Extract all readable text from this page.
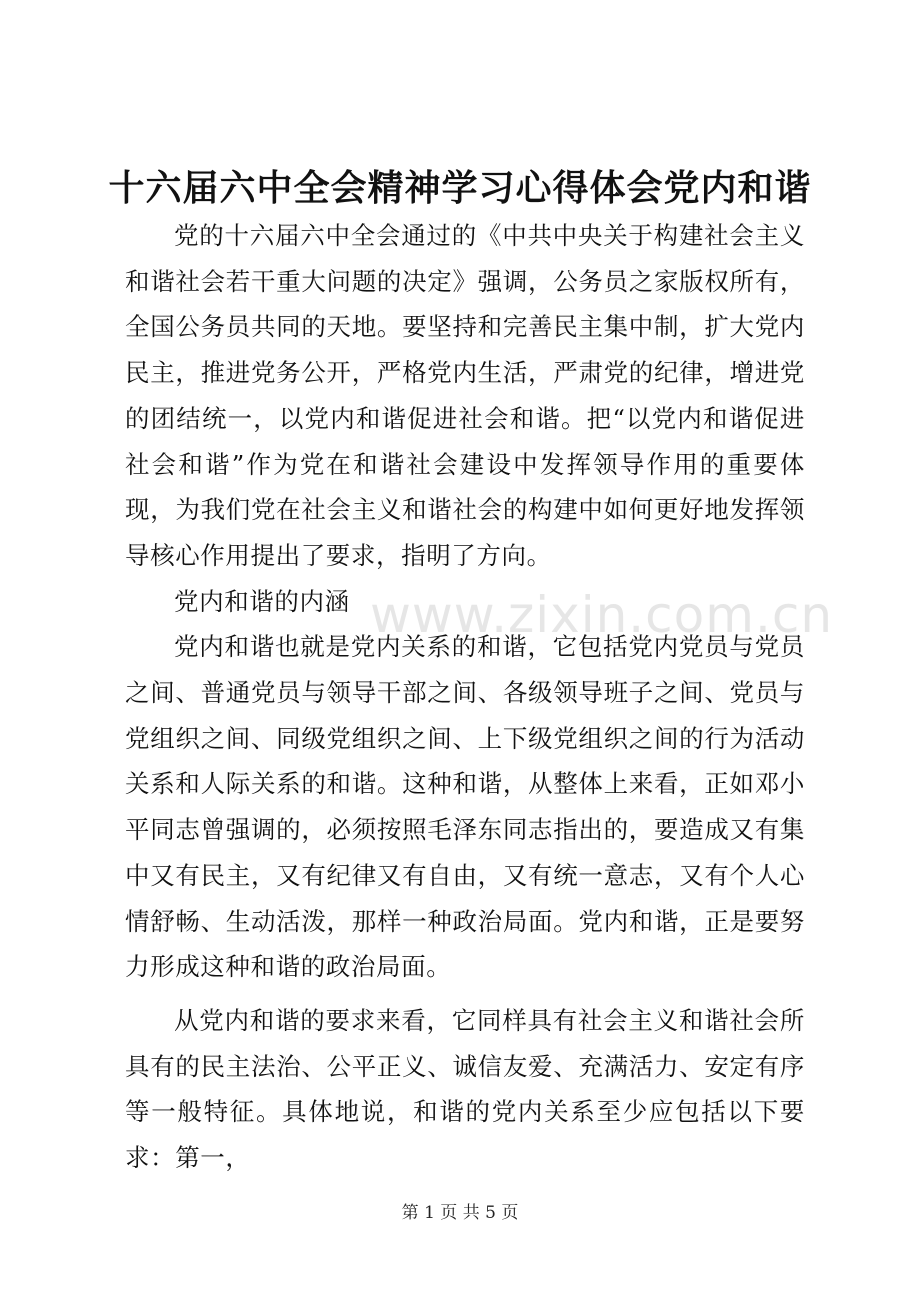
www.zixin.com.cn
十六届六中全会精神学习心得体会党内和谐

党的十六届六中全会通过的《中共中央关于构建社会主义和谐社会若干重大问题的决定》强调，公务员之家版权所有，全国公务员共同的天地。要坚持和完善民主集中制，扩大党内民主，推进党务公开，严格党内生活，严肃党的纪律，增进党的团结统一，以党内和谐促进社会和谐。把“以党内和谐促进社会和谐”作为党在和谐社会建设中发挥领导作用的重要体现，为我们党在社会主义和谐社会的构建中如何更好地发挥领导核心作用提出了要求，指明了方向。

党内和谐的内涵

党内和谐也就是党内关系的和谐，它包括党内党员与党员之间、普通党员与领导干部之间、各级领导班子之间、党员与党组织之间、同级党组织之间、上下级党组织之间的行为活动关系和人际关系的和谐。这种和谐，从整体上来看，正如邓小平同志曾强调的，必须按照毛泽东同志指出的，要造成又有集中又有民主，又有纪律又有自由，又有统一意志，又有个人心情舒畅、生动活泼，那样一种政治局面。党内和谐，正是要努力形成这种和谐的政治局面。

从党内和谐的要求来看，它同样具有社会主义和谐社会所具有的民主法治、公平正义、诚信友爱、充满活力、安定有序等一般特征。具体地说，和谐的党内关系至少应包括以下要求：第一，

第 1 页 共 5 页
